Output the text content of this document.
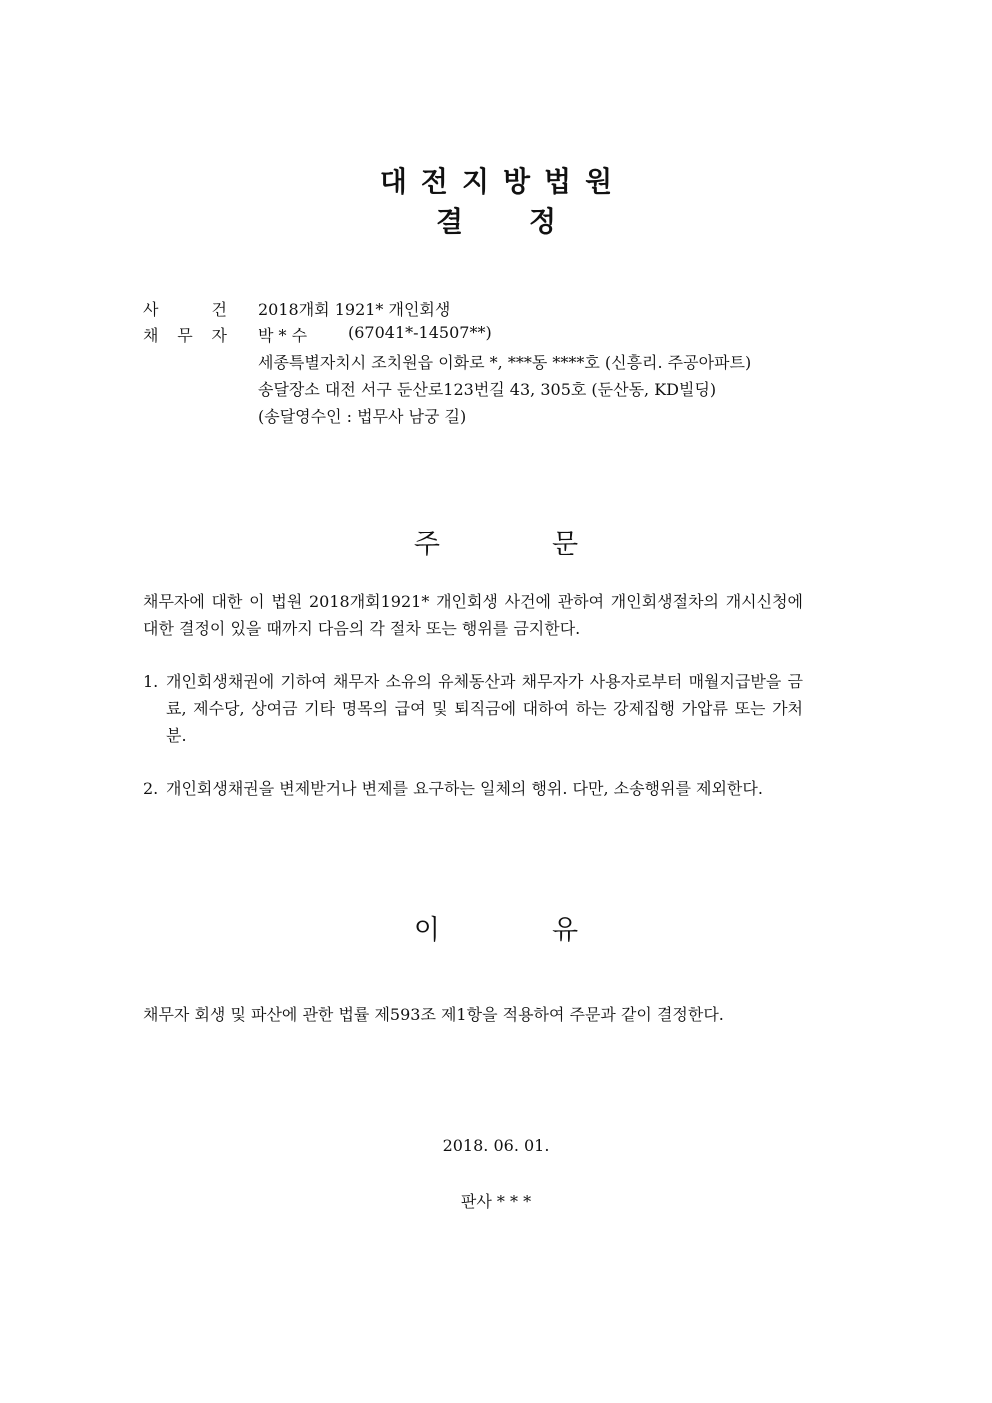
대전지방법원
결정
사	건 2018개회 1921* 개인회생
채 무 자 박 * 수	(67041*-14507**)
세종특별자치시 조치원읍 이화로 *, ***동 ****호 (신흥리. 주공아파트)
송달장소 대전 서구 둔산로123번길 43, 305호 (둔산동, KD빌딩)
(송달영수인 : 법무사 남궁 길)
주	문
채무자에 대한 이 법원 2018개회1921* 개인회생 사건에 관하여 개인회생절차의 개시신청에 대한 결정이 있을 때까지 다음의 각 절차 또는 행위를 금지한다.
1. 개인회생채권에 기하여 채무자 소유의 유체동산과 채무자가 사용자로부터 매월지급받을 금료, 제수당, 상여금 기타 명목의 급여 및 퇴직금에 대하여 하는 강제집행 가압류 또는 가처분.
2. 개인회생채권을 변제받거나 변제를 요구하는 일체의 행위. 다만, 소송행위를 제외한다.
이	유
채무자 회생 및 파산에 관한 법률 제593조 제1항을 적용하여 주문과 같이 결정한다.
2018. 06. 01.
판사 * * *
